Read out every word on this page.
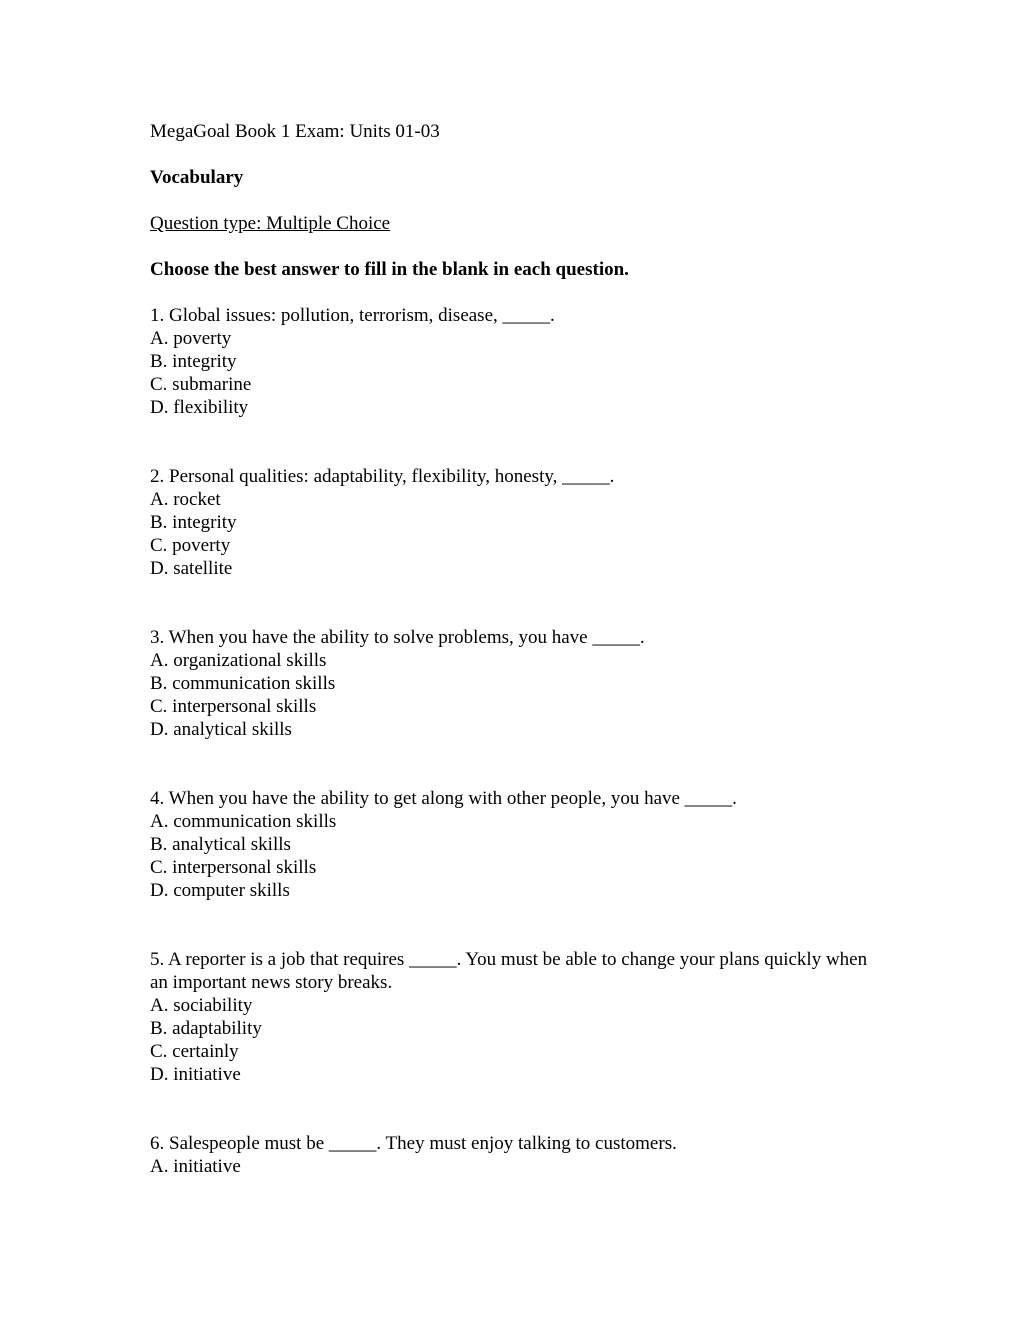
MegaGoal Book 1 Exam: Units 01-03
Vocabulary
Question type: Multiple Choice
Choose the best answer to fill in the blank in each question.
1. Global issues: pollution, terrorism, disease, _____.
A. poverty
B. integrity
C. submarine
D. flexibility
2. Personal qualities: adaptability, flexibility, honesty, _____.
A. rocket
B. integrity
C. poverty
D. satellite
3. When you have the ability to solve problems, you have _____.
A. organizational skills
B. communication skills
C. interpersonal skills
D. analytical skills
4. When you have the ability to get along with other people, you have _____.
A. communication skills
B. analytical skills
C. interpersonal skills
D. computer skills
5. A reporter is a job that requires _____. You must be able to change your plans quickly when an important news story breaks.
A. sociability
B. adaptability
C. certainly
D. initiative
6. Salespeople must be _____. They must enjoy talking to customers.
A. initiative
